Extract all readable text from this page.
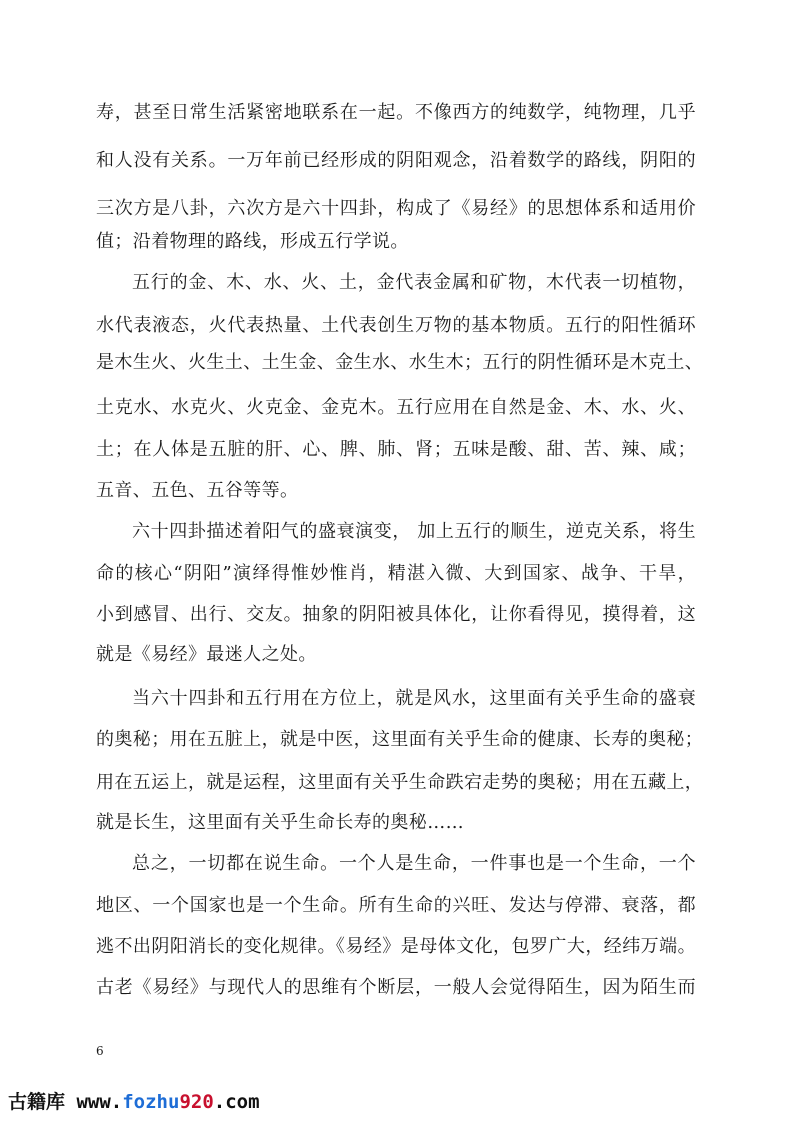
寿，甚至日常生活紧密地联系在一起。不像西方的纯数学，纯物理，几乎
和人没有关系。一万年前已经形成的阴阳观念，沿着数学的路线，阴阳的
三次方是八卦，六次方是六十四卦，构成了《易经》的思想体系和适用价
值；沿着物理的路线，形成五行学说。
五行的金、木、水、火、土，金代表金属和矿物，木代表一切植物，
水代表液态，火代表热量、土代表创生万物的基本物质。五行的阳性循环
是木生火、火生土、土生金、金生水、水生木；五行的阴性循环是木克土、
土克水、水克火、火克金、金克木。五行应用在自然是金、木、水、火、
土；在人体是五脏的肝、心、脾、肺、肾；五味是酸、甜、苦、辣、咸；
五音、五色、五谷等等。
六十四卦描述着阳气的盛衰演变， 加上五行的顺生，逆克关系，将生
命的核心“阴阳”演绎得惟妙惟肖，精湛入微、大到国家、战争、干旱，
小到感冒、出行、交友。抽象的阴阳被具体化，让你看得见，摸得着，这
就是《易经》最迷人之处。
当六十四卦和五行用在方位上，就是风水，这里面有关乎生命的盛衰
的奥秘；用在五脏上，就是中医，这里面有关乎生命的健康、长寿的奥秘；
用在五运上，就是运程，这里面有关乎生命跌宕走势的奥秘；用在五藏上，
就是长生，这里面有关乎生命长寿的奥秘……
总之，一切都在说生命。一个人是生命，一件事也是一个生命，一个
地区、一个国家也是一个生命。所有生命的兴旺、发达与停滞、衰落，都
逃不出阴阳消长的变化规律。《易经》是母体文化，包罗广大，经纬万端。
古老《易经》与现代人的思维有个断层，一般人会觉得陌生，因为陌生而
6
古籍库 www.fozhu920.com
